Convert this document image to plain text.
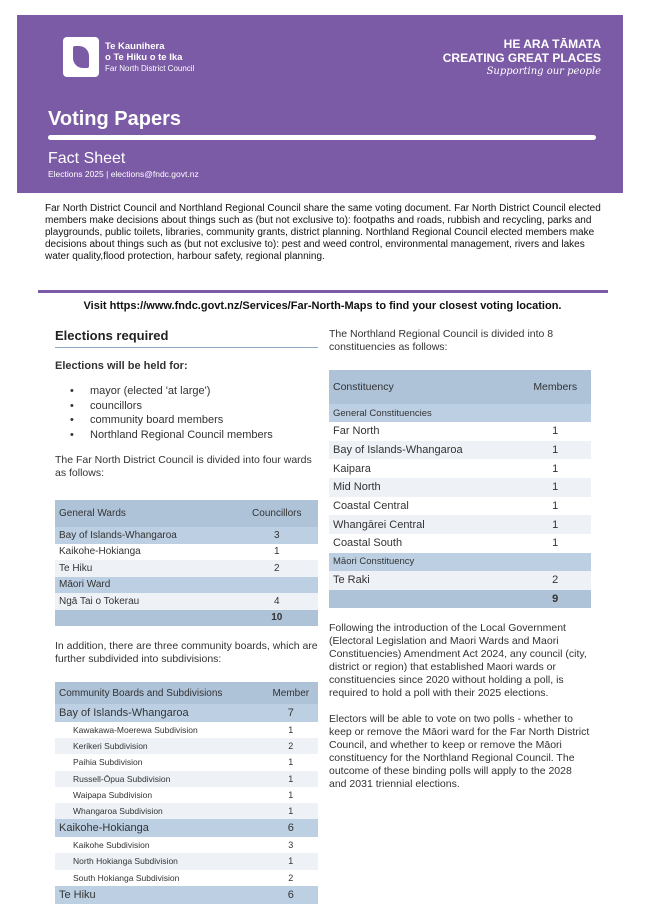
Te Kaunihera
o Te Hiku o te Ika
Far North District Council
HE ARA TĀMATA
CREATING GREAT PLACES
Supporting our people
Voting Papers
Fact Sheet
Elections 2025 | elections@fndc.govt.nz
Far North District Council and Northland Regional Council share the same voting document. Far North District Council elected members make decisions about things such as (but not exclusive to): footpaths and roads, rubbish and recycling, parks and playgrounds, public toilets, libraries, community grants, district planning. Northland Regional Council elected members make decisions about things such as (but not exclusive to): pest and weed control, environmental management, rivers and lakes water quality,flood protection, harbour safety, regional planning.
Visit https://www.fndc.govt.nz/Services/Far-North-Maps to find your closest voting location.
Elections required
Elections will be held for:
• mayor (elected 'at large')
• councillors
• community board members
• Northland Regional Council members
The Far North District Council is divided into four wards as follows:
General Wards	Councillors
Bay of Islands-Whangaroa	3
Kaikohe-Hokianga	1
Te Hiku	2
Māori Ward	
Ngā Tai o Tokerau	4
	10
In addition, there are three community boards, which are further subdivided into subdivisions:
Community Boards and Subdivisions	Member
Bay of Islands-Whangaroa	7
Kawakawa-Moerewa Subdivision	1
Kerikeri Subdivision	2
Paihia Subdivision	1
Russell-Ōpua Subdivision	1
Waipapa Subdivision	1
Whangaroa Subdivision	1
Kaikohe-Hokianga	6
Kaikohe Subdivision	3
North Hokianga Subdivision	1
South Hokianga Subdivision	2
Te Hiku	6
The Northland Regional Council is divided into 8 constituencies as follows:
Constituency	Members
General Constituencies	
Far North	1
Bay of Islands-Whangaroa	1
Kaipara	1
Mid North	1
Coastal Central	1
Whangārei Central	1
Coastal South	1
Māori Constituency	
Te Raki	2
	9
Following the introduction of the Local Government (Electoral Legislation and Maori Wards and Maori Constituencies) Amendment Act 2024, any council (city, district or region) that established Maori wards or constituencies since 2020 without holding a poll, is required to hold a poll with their 2025 elections.
Electors will be able to vote on two polls - whether to keep or remove the Māori ward for the Far North District Council, and whether to keep or remove the Māori constituency for the Northland Regional Council. The outcome of these binding polls will apply to the 2028 and 2031 triennial elections.
